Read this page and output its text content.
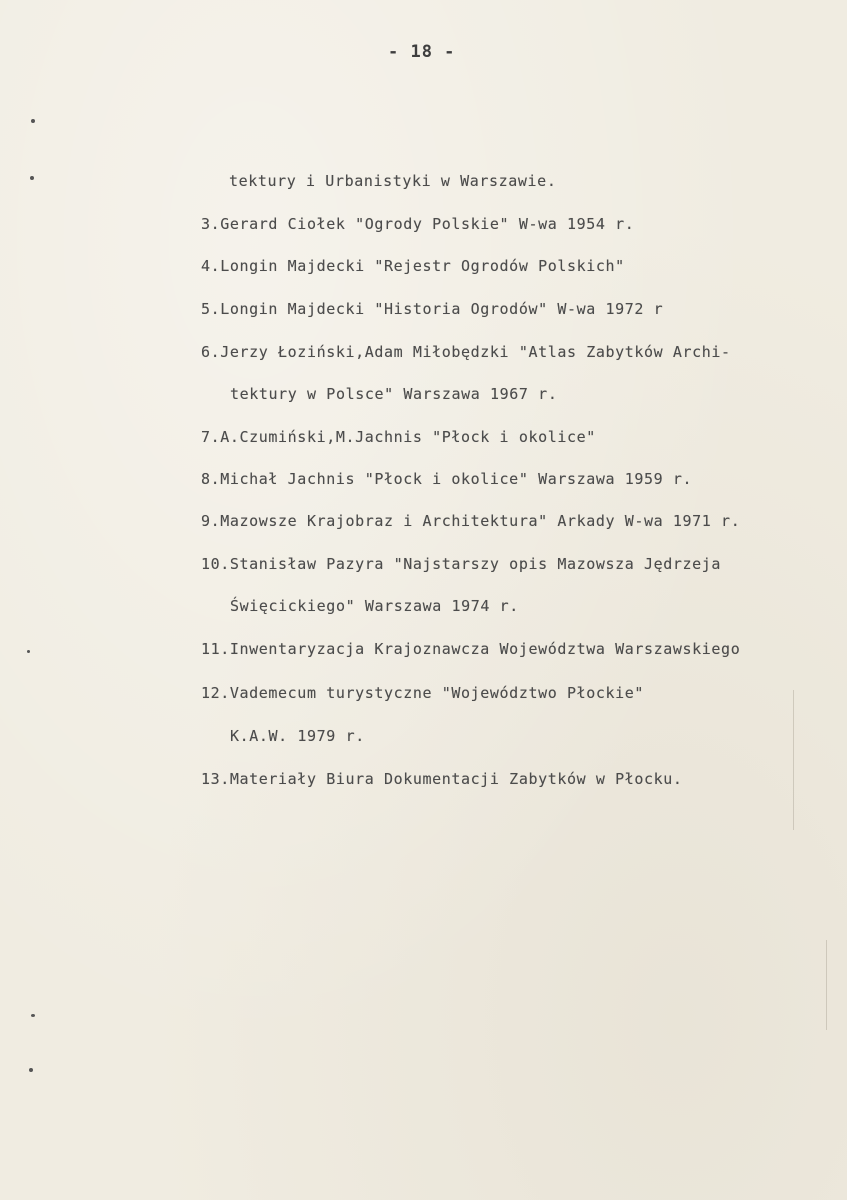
- 18 -
tektury i Urbanistyki w Warszawie.
3.Gerard Ciołek "Ogrody Polskie" W-wa 1954 r.
4.Longin Majdecki "Rejestr Ogrodów Polskich"
5.Longin Majdecki "Historia Ogrodów" W-wa 1972 r
6.Jerzy Łoziński,Adam Miłobędzki "Atlas Zabytków Archi-
tektury w Polsce" Warszawa 1967 r.
7.A.Czumiński,M.Jachnis "Płock i okolice"
8.Michał Jachnis "Płock i okolice" Warszawa 1959 r.
9.Mazowsze Krajobraz i Architektura" Arkady W-wa 1971 r.
10.Stanisław Pazyra "Najstarszy opis Mazowsza Jędrzeja
Święcickiego" Warszawa 1974 r.
11.Inwentaryzacja Krajoznawcza Województwa Warszawskiego
12.Vademecum turystyczne "Województwo Płockie"
K.A.W. 1979 r.
13.Materiały Biura Dokumentacji Zabytków w Płocku.
